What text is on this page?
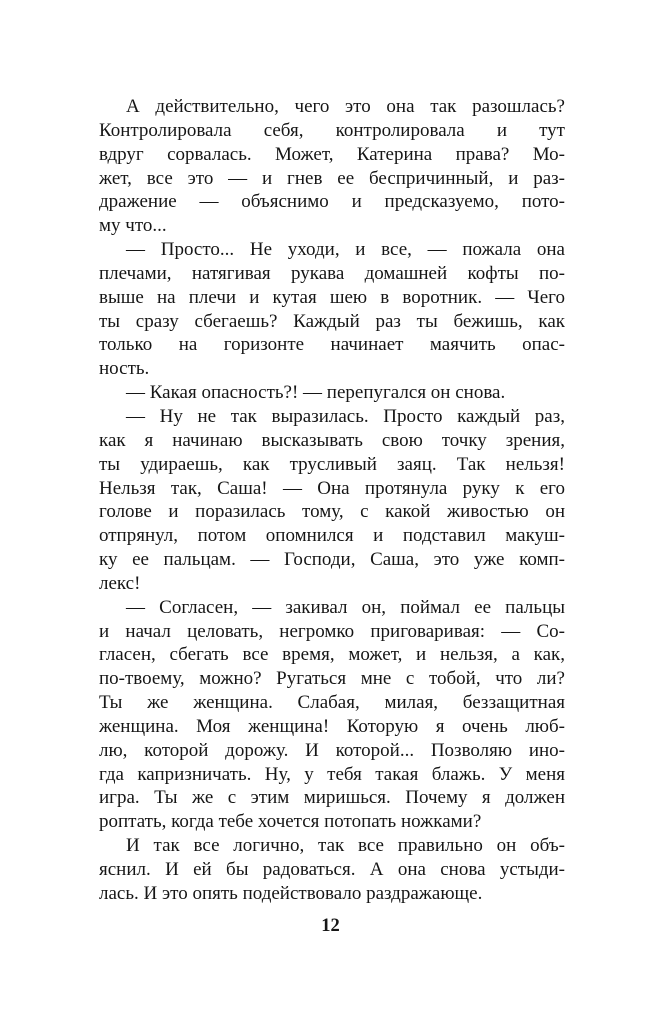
А действительно, чего это она так разошлась?
Контролировала себя, контролировала и тут
вдруг сорвалась. Может, Катерина права? Мо-
жет, все это — и гнев ее беспричинный, и раз-
дражение — объяснимо и предсказуемо, пото-
му что...
— Просто... Не уходи, и все, — пожала она
плечами, натягивая рукава домашней кофты по-
выше на плечи и кутая шею в воротник. — Чего
ты сразу сбегаешь? Каждый раз ты бежишь, как
только на горизонте начинает маячить опас-
ность.
— Какая опасность?! — перепугался он снова.
— Ну не так выразилась. Просто каждый раз,
как я начинаю высказывать свою точку зрения,
ты удираешь, как трусливый заяц. Так нельзя!
Нельзя так, Саша! — Она протянула руку к его
голове и поразилась тому, с какой живостью он
отпрянул, потом опомнился и подставил макуш-
ку ее пальцам. — Господи, Саша, это уже комп-
лекс!
— Согласен, — закивал он, поймал ее пальцы
и начал целовать, негромко приговаривая: — Со-
гласен, сбегать все время, может, и нельзя, а как,
по-твоему, можно? Ругаться мне с тобой, что ли?
Ты же женщина. Слабая, милая, беззащитная
женщина. Моя женщина! Которую я очень люб-
лю, которой дорожу. И которой... Позволяю ино-
гда капризничать. Ну, у тебя такая блажь. У меня
игра. Ты же с этим миришься. Почему я должен
роптать, когда тебе хочется потопать ножками?
И так все логично, так все правильно он объ-
яснил. И ей бы радоваться. А она снова устыди-
лась. И это опять подействовало раздражающе.
12
